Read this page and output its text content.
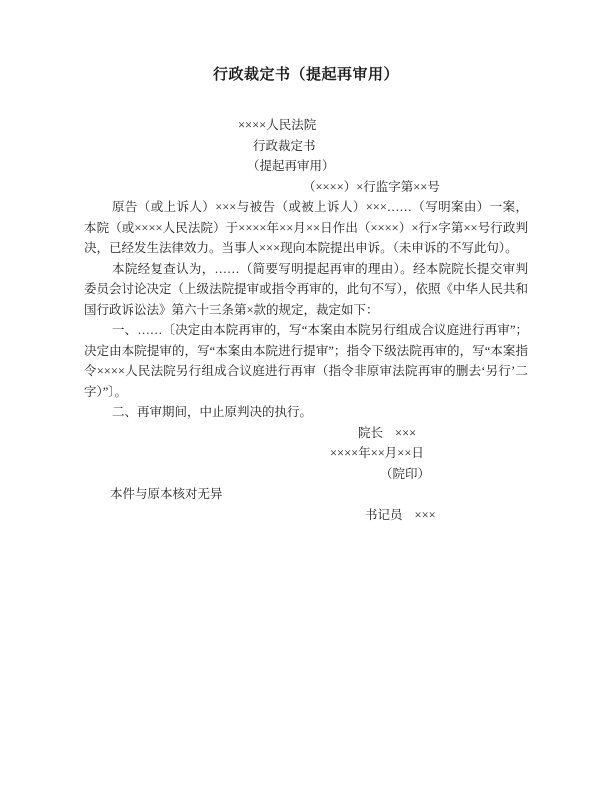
行政裁定书（提起再审用）
××××人民法院
行政裁定书
（提起再审用）
（××××）×行监字第××号

原告（或上诉人）×××与被告（或被上诉人）×××……（写明案由）一案，本院（或××××人民法院）于××××年××月××日作出（××××）×行×字第××号行政判决，已经发生法律效力。当事人×××现向本院提出申诉。（未申诉的不写此句）。

本院经复查认为，……（简要写明提起再审的理由）。经本院院长提交审判委员会讨论决定（上级法院提审或指令再审的，此句不写），依照《中华人民共和国行政诉讼法》第六十三条第×款的规定，裁定如下：

一、……〔决定由本院再审的，写“本案由本院另行组成合议庭进行再审”；决定由本院提审的，写“本案由本院进行提审”；指令下级法院再审的，写“本案指令××××人民法院另行组成合议庭进行再审（指令非原审法院再审的删去‘另行’二字）”〕。

二、再审期间，中止原判决的执行。

院长 ×××
××××年××月××日
（院印）
本件与原本核对无异
书记员 ×××
